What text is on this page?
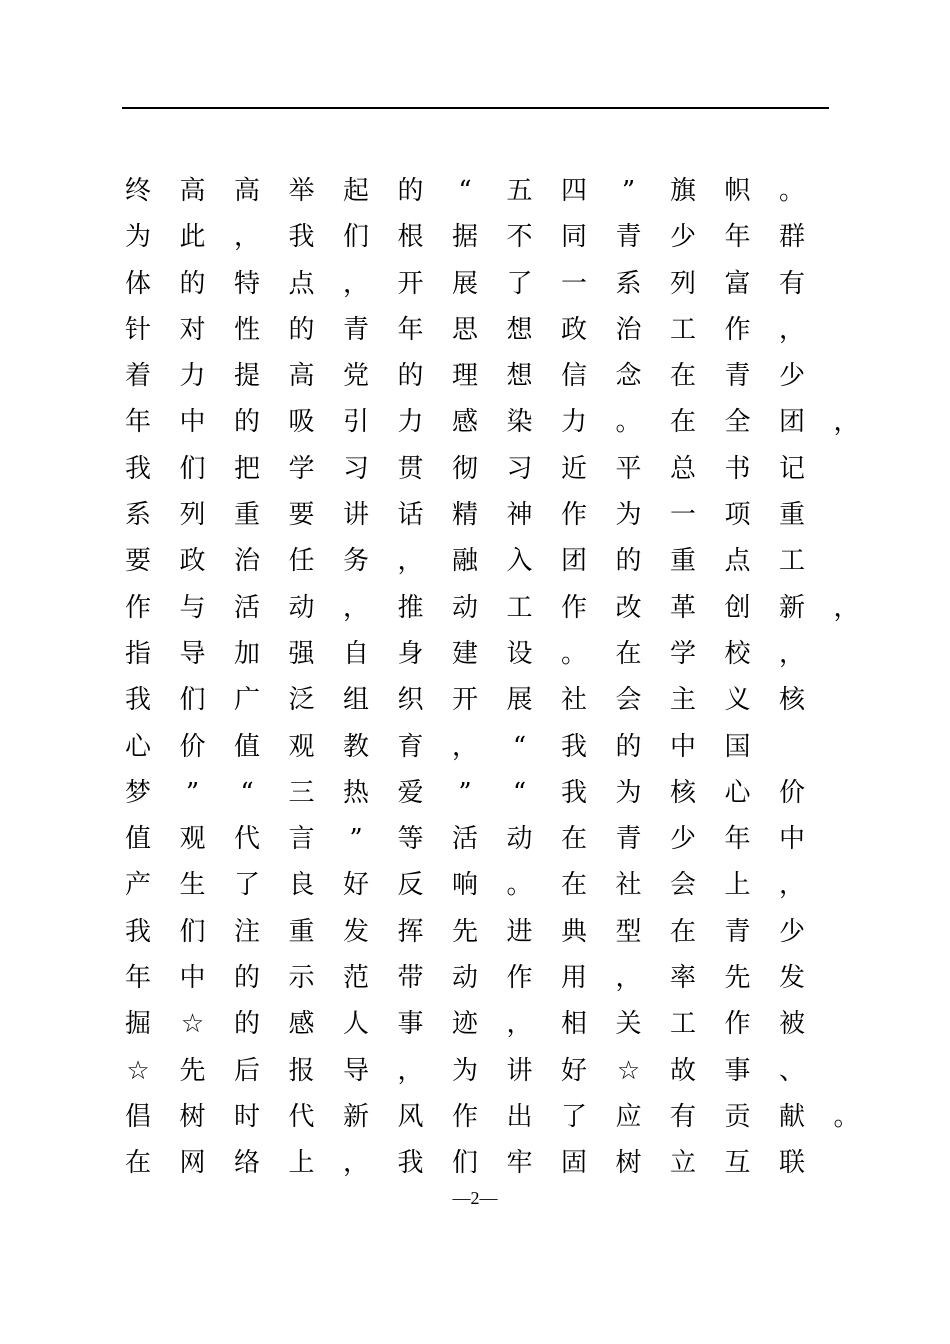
终 高 高 举 起 的 “ 五 四 ” 旗 帜 。
为 此 ， 我 们 根 据 不 同 青 少 年 群
体 的 特 点 ， 开 展 了 一 系 列 富 有
针 对 性 的 青 年 思 想 政 治 工 作 ，
着 力 提 高 党 的 理 想 信 念 在 青 少
年 中 的 吸 引 力 感 染 力 。 在 全 团 ，
我 们 把 学 习 贯 彻 习 近 平 总 书 记
系 列 重 要 讲 话 精 神 作 为 一 项 重
要 政 治 任 务 ， 融 入 团 的 重 点 工
作 与 活 动 ， 推 动 工 作 改 革 创 新 ，
指 导 加 强 自 身 建 设 。 在 学 校 ，
我 们 广 泛 组 织 开 展 社 会 主 义 核
心 价 值 观 教 育 ， “ 我 的 中 国
梦 ” “ 三 热 爱 ” “ 我 为 核 心 价
值 观 代 言 ” 等 活 动 在 青 少 年 中
产 生 了 良 好 反 响 。 在 社 会 上 ，
我 们 注 重 发 挥 先 进 典 型 在 青 少
年 中 的 示 范 带 动 作 用 ， 率 先 发
掘 ☆ 的 感 人 事 迹 ， 相 关 工 作 被
☆ 先 后 报 导 ， 为 讲 好 ☆ 故 事 、
倡 树 时 代 新 风 作 出 了 应 有 贡 献 。
在 网 络 上 ， 我 们 牢 固 树 立 互 联
—2—
